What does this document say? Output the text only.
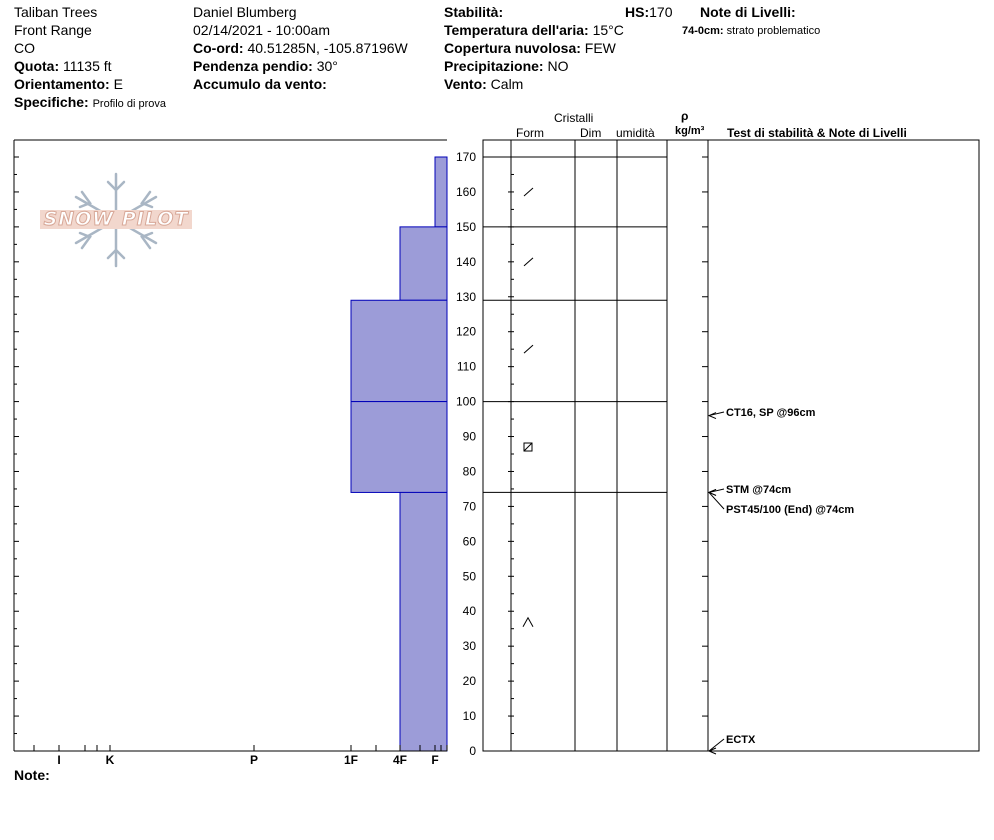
Taliban Trees
Front Range
CO
Quota: 11135 ft
Orientamento: E
Specifiche: Profilo di prova
Daniel Blumberg
02/14/2021 - 10:00am
Co-ord: 40.51285N, -105.87196W
Pendenza pendio: 30°
Accumulo da vento:
Stabilità:	HS:170
Temperatura dell'aria: 15°C
Copertura nuvolosa: FEW
Precipitazione: NO
Vento: Calm
Note di Livelli:
74-0cm: strato problematico
Cristalli
Form	Dim umidità
ρ
kg/m³ Test di stabilità & Note di Livelli
I	K	P	1F	4F F
0
10
20
30
40
50
60
70
80
90
100
110
120
130
140
150
160
170
CT16, SP @96cm
STM @74cm
PST45/100 (End) @74cm
ECTX
SNOW PILOT
Note:
